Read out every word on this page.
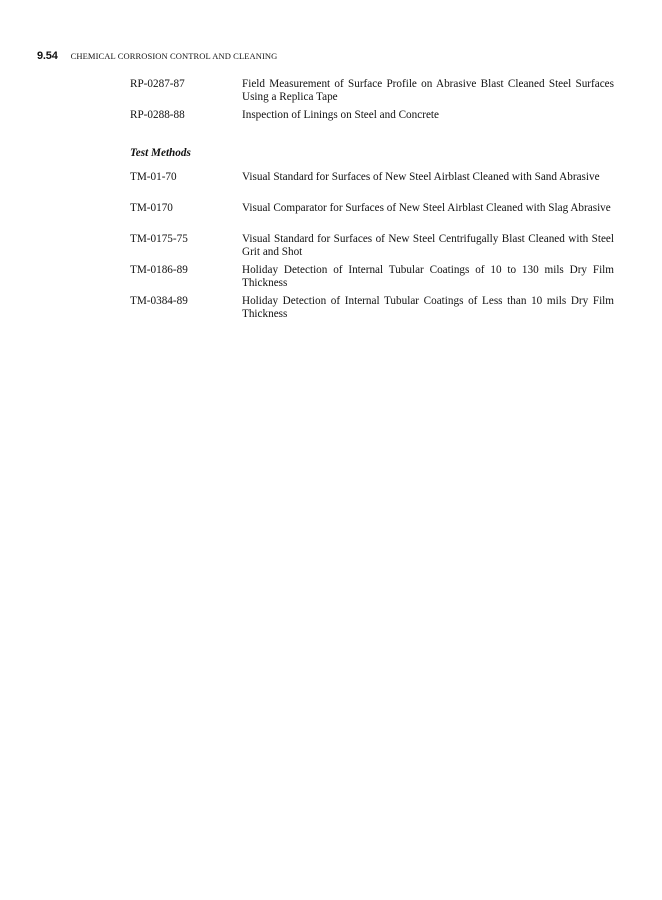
9.54 CHEMICAL CORROSION CONTROL AND CLEANING
RP-0287-87	Field Measurement of Surface Profile on Abrasive Blast Cleaned Steel Surfaces Using a Replica Tape
RP-0288-88	Inspection of Linings on Steel and Concrete
Test Methods
TM-01-70	Visual Standard for Surfaces of New Steel Airblast Cleaned with Sand Abrasive
TM-0170	Visual Comparator for Surfaces of New Steel Airblast Cleaned with Slag Abrasive
TM-0175-75	Visual Standard for Surfaces of New Steel Centrifugally Blast Cleaned with Steel Grit and Shot
TM-0186-89	Holiday Detection of Internal Tubular Coatings of 10 to 130 mils Dry Film Thickness
TM-0384-89	Holiday Detection of Internal Tubular Coatings of Less than 10 mils Dry Film Thickness
